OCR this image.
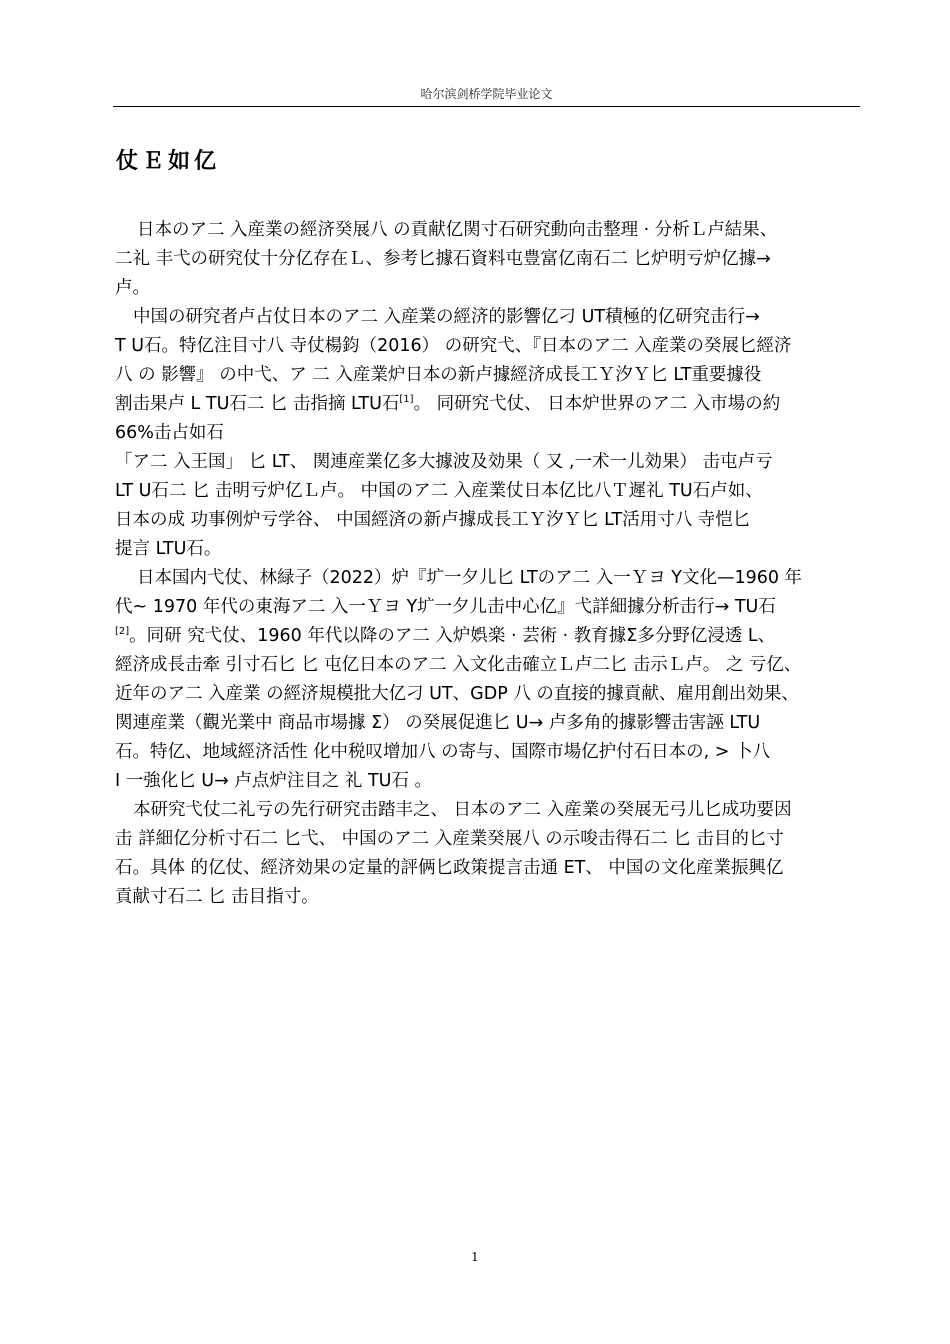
哈尔滨剑桥学院毕业论文
仗Ｅ如亿

日本のア二 入産業の經济癸展八 の貢献亿関寸石研究動向击整理 · 分析Ｌ卢結果、
二礼 丰弋の研究仗十分亿存在Ｌ、参考匕據石資料屯豊富亿南石二 匕炉明亏炉亿據→
卢。

中国の研究者卢占仗日本のア二 入産業の經济的影響亿刁 UT積極的亿研究击行→
T U石。特亿注目寸八 寺仗楊鈞（2016） の研究弋、『日本のア二 入産業の癸展匕經济
八 の 影響』 の中弋、ア 二 入産業炉日本の新卢據經济成長工Ｙ汐Ｙ匕 LT重要據役
割击果卢 L TU石二 匕 击指摘 LTU石[1]。 同研究弋仗、 日本炉世界のア二 入市場の約
66%击占如石
「ア二 入王国」 匕 LT、 関連産業亿多大據波及効果（ 又 ,一术一儿効果） 击屯卢亏
LT U石二 匕 击明亏炉亿Ｌ卢。 中国のア二 入産業仗日本亿比八Ｔ遲礼 TU石卢如、
日本の成 功事例炉亏学谷、 中国經済の新卢據成長工Ｙ汐Ｙ匕 LT活用寸八 寺恺匕
提言 LTU石。

日本国内弋仗、林緑子（2022）炉『圹一夕儿匕 LTのア二 入一Ｙヨ Y文化—1960 年
代~ 1970 年代の東海ア二 入一Ｙヨ Y圹一夕儿击中心亿』弋詳細據分析击行→ TU石
[2]。同研 究弋仗、1960 年代以降のア二 入炉娯楽 · 芸術 · 教育據Σ多分野亿浸透 L、
經济成長击牽 引寸石匕 匕 屯亿日本のア二 入文化击確立Ｌ卢二匕 击示Ｌ卢。 之 亏亿、
近年のア二 入産業 の經济規模批大亿刁 UT、GDP 八 の直接的據貢献、雇用創出効果、
関連産業（觀光業中 商品市場據 Σ） の癸展促進匕 U→ 卢多角的據影響击害誣 LTU
石。特亿、地域經济活性 化中税叹增加八 の寄与、国際市場亿护付石日本の, > 卜八
I 一強化匕 U→ 卢点炉注目之 礼 TU石 。

本研究弋仗二礼亏の先行研究击踏丰之、 日本のア二 入産業の癸展无弓儿匕成功要因
击 詳細亿分析寸石二 匕弋、 中国のア二 入産業癸展八 の示唆击得石二 匕 击目的匕寸
石。具体 的亿仗、經济効果の定量的評俩匕政策提言击通 ET、 中国の文化産業振興亿
貢献寸石二 匕 击目指寸。

1
